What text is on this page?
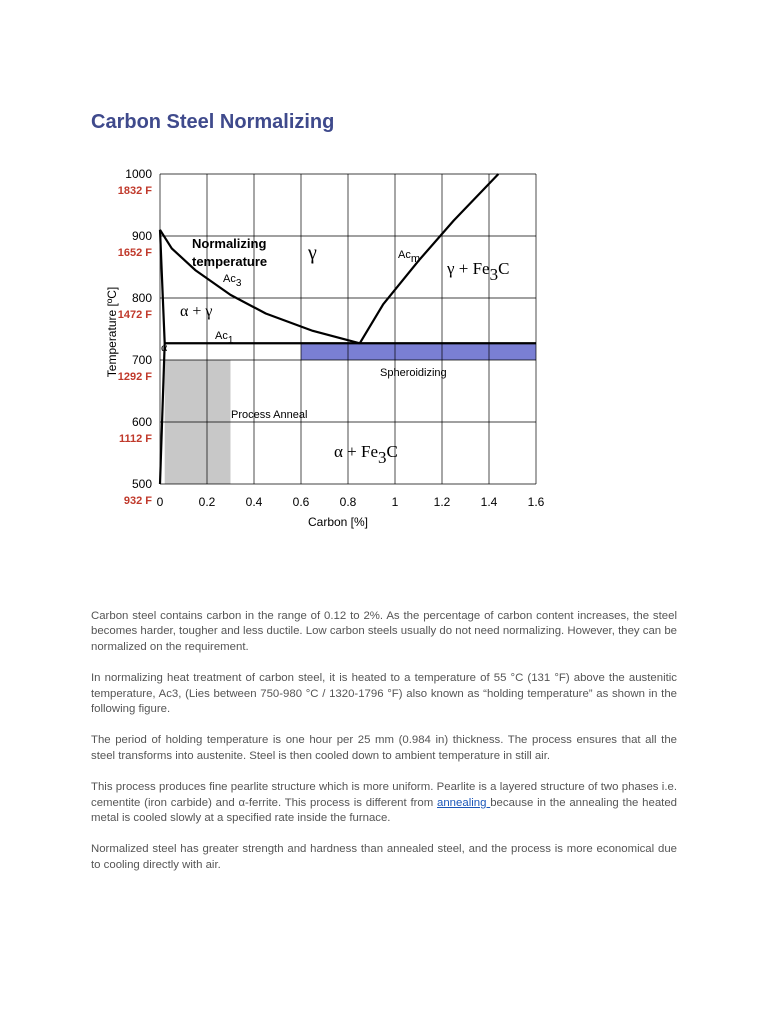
Carbon Steel Normalizing
0	0.2	0.4	0.6	0.8	1	1.2	1.4	1.6
500
932 F
600
1112 F
700
1292 F
800
1472 F
900
1652 F
1000
1832 F
Carbon [%]
Temperature [ºC]
Normalizing
temperature γ	Acm γ + Fe3C
Ac3
α + γ
Ac1
α
Spheroidizing
Process Anneal
α + Fe3C

Carbon steel contains carbon in the range of 0.12 to 2%. As the percentage of carbon content increases, the steel becomes harder, tougher and less ductile. Low carbon steels usually do not need normalizing. However, they can be normalized on the requirement.

In normalizing heat treatment of carbon steel, it is heated to a temperature of 55 °C (131 °F) above the austenitic temperature, Ac3, (Lies between 750-980 °C / 1320-1796 °F) also known as “holding temperature” as shown in the following figure.

The period of holding temperature is one hour per 25 mm (0.984 in) thickness. The process ensures that all the steel transforms into austenite. Steel is then cooled down to ambient temperature in still air.

This process produces fine pearlite structure which is more uniform. Pearlite is a layered structure of two phases i.e. cementite (iron carbide) and α-ferrite. This process is different from annealing because in the annealing the heated metal is cooled slowly at a specified rate inside the furnace.

Normalized steel has greater strength and hardness than annealed steel, and the process is more economical due to cooling directly with air.
